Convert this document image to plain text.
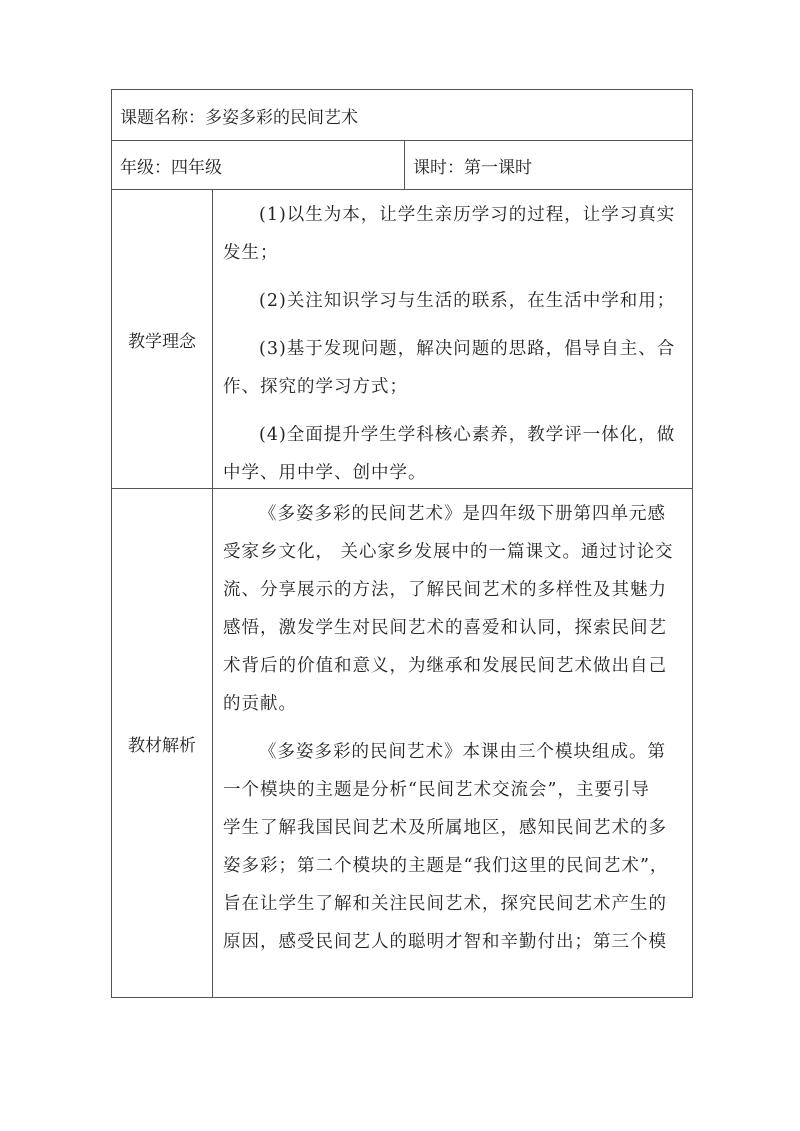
课题名称：多姿多彩的民间艺术
年级：四年级	课时：第一课时
教学理念
(1)以生为本，让学生亲历学习的过程，让学习真实
发生；
(2)关注知识学习与生活的联系，在生活中学和用；
(3)基于发现问题，解决问题的思路，倡导自主、合
作、探究的学习方式；
(4)全面提升学生学科核心素养，教学评一体化，做
中学、用中学、创中学。
教材解析
《多姿多彩的民间艺术》是四年级下册第四单元感
受家乡文化， 关心家乡发展中的一篇课文。通过讨论交
流、分享展示的方法，了解民间艺术的多样性及其魅力
感悟，激发学生对民间艺术的喜爱和认同，探索民间艺
术背后的价值和意义，为继承和发展民间艺术做出自己
的贡献。
《多姿多彩的民间艺术》本课由三个模块组成。第
一个模块的主题是分析“民间艺术交流会”，主要引导
学生了解我国民间艺术及所属地区，感知民间艺术的多
姿多彩；第二个模块的主题是“我们这里的民间艺术”，
旨在让学生了解和关注民间艺术，探究民间艺术产生的
原因，感受民间艺人的聪明才智和辛勤付出；第三个模
